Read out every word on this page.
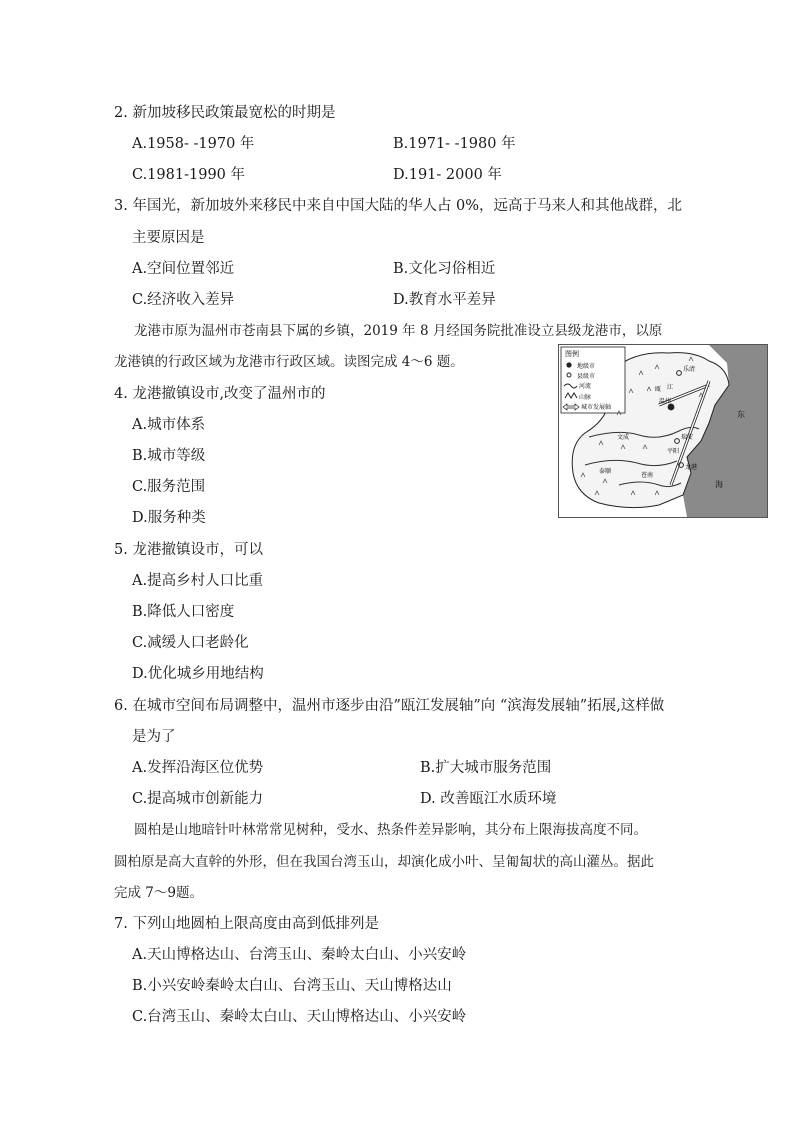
2. 新加坡移民政策最宽松的时期是
A.1958- -1970 年	B.1971- -1980 年
C.1981-1990 年	D.191- 2000 年
3. 年国光，新加坡外来移民中来自中国大陆的华人占 0%，远高于马来人和其他战群，北
主要原因是
A.空间位置邻近	B.文化习俗相近
C.经济收入差异	D.教育水平差异
龙港市原为温州市苍南县下属的乡镇，2019 年 8 月经国务院批准设立县级龙港市，以原
龙港镇的行政区域为龙港市行政区域。读图完成 4～6 题。
4. 龙港撤镇设市,改变了温州市的
A.城市体系
B.城市等级
C.服务范围
D.服务种类
图例
地级市
县级市
河流
山脉
城市发展轴
温州
瓯 江
文成
平阳
苍南
龙港
泰顺
乐清
瑞安
东
海
5. 龙港撤镇设市，可以
A.提高乡村人口比重
B.降低人口密度
C.减缓人口老龄化
D.优化城乡用地结构
6. 在城市空间布局调整中，温州市逐步由沿”瓯江发展轴”向 “滨海发展轴”拓展,这样做
是为了
A.发挥沿海区位优势	B.扩大城市服务范围
C.提高城市创新能力	D. 改善瓯江水质环境
圆柏是山地暗针叶林常常见树种，受水、热条件差异影响，其分布上限海拔高度不同。
圆柏原是高大直幹的外形，但在我国台湾玉山，却演化成小叶、呈匍匐状的高山灌丛。据此
完成 7～9题。
7. 下列山地圆柏上限高度由高到低排列是
A.天山博格达山、台湾玉山、秦岭太白山、小兴安岭
B.小兴安岭秦岭太白山、台湾玉山、天山博格达山
C.台湾玉山、秦岭太白山、天山博格达山、小兴安岭
